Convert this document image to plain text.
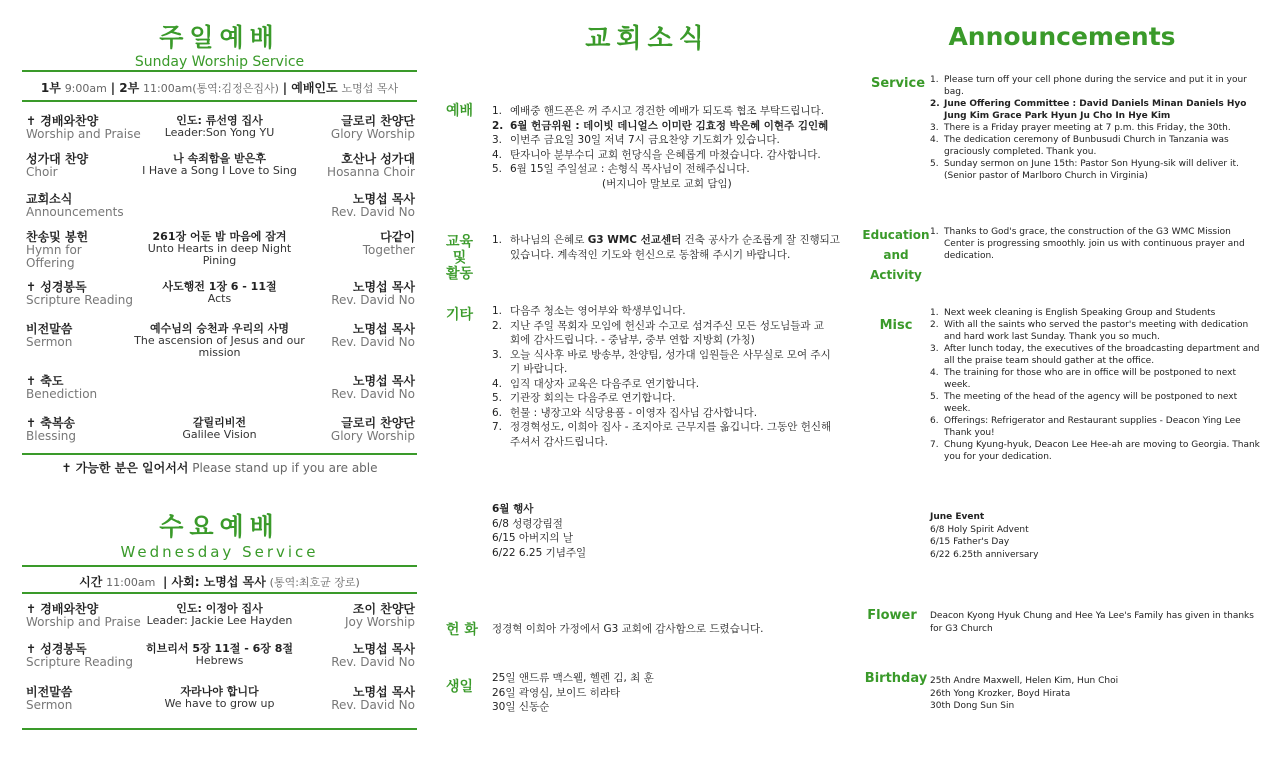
주일예배
Sunday Worship Service
1부 9:00am | 2부 11:00am(통역:김정은집사) | 예배인도 노명섭 목사
✝ 경배와찬양
Worship and Praise
인도: 류선영 집사
Leader:Son Yong YU
글로리 찬양단
Glory Worship
성가대 찬양
Choir
나 속죄함을 받은후
I Have a Song I Love to Sing
호산나 성가대
Hosanna Choir
교회소식
Announcements
노명섭 목사
Rev. David No
찬송및 봉헌
Hymn for Offering
261장 어둔 밤 마음에 잠겨
Unto Hearts in deep Night Pining
다같이
Together
✝ 성경봉독
Scripture Reading
사도행전 1장 6 - 11절
Acts
노명섭 목사
Rev. David No
비전말씀
Sermon
예수님의 승천과 우리의 사명
The ascension of Jesus and our mission
노명섭 목사
Rev. David No
✝ 축도
Benediction
노명섭 목사
Rev. David No
✝ 축복송
Blessing
갈릴리비전
Galilee Vision
글로리 찬양단
Glory Worship
✝ 가능한 분은 일어서서 Please stand up if you are able
수요예배
Wednesday Service
시간 11:00am | 사회: 노명섭 목사 (통역:최호균 장로)
✝ 경배와찬양
Worship and Praise
인도: 이정아 집사
Leader: Jackie Lee Hayden
조이 찬양단
Joy Worship
✝ 성경봉독
Scripture Reading
히브리서 5장 11절 - 6장 8절
Hebrews
노명섭 목사
Rev. David No
비전말씀
Sermon
자라나야 합니다
We have to grow up
노명섭 목사
Rev. David No
교회소식
예배 1. 예배중 핸드폰은 꺼 주시고 경건한 예배가 되도록 협조 부탁드립니다.
2. 6월 헌금위원 : 데이빗 데니얼스 이미란 김효정 박은혜 이현주 김인혜
3. 이번주 금요일 30일 저녁 7시 금요찬양 기도회가 있습니다.
4. 탄자니아 분부수디 교회 헌당식을 은혜롭게 마쳤습니다. 감사합니다.
5. 6월 15일 주일설교 : 손형식 목사님이 전해주십니다.
(버지니아 말보로 교회 담임)
교육
및
활동
1. 하나님의 은혜로 G3 WMC 선교센터 건축 공사가 순조롭게 잘 진행되고 있습니다. 계속적인 기도와 헌신으로 동참해 주시기 바랍니다.
기타 1. 다음주 청소는 영어부와 학생부입니다.
2. 지난 주일 목회자 모임에 헌신과 수고로 섬겨주신 모든 성도님들과 교회에 감사드립니다. - 중남부, 중부 연합 지방회 (가칭)
3. 오늘 식사후 바로 방송부, 찬양팀, 성가대 임원들은 사무실로 모여 주시기 바랍니다.
4. 임직 대상자 교육은 다음주로 연기합니다.
5. 기관장 회의는 다음주로 연기합니다.
6. 헌물 : 냉장고와 식당용품 - 이영자 집사님 감사합니다.
7. 정경혁성도, 이희아 집사 - 조지아로 근무지를 옮깁니다. 그동안 헌신해 주셔서 감사드립니다.
6월 행사
6/8 성령강림절
6/15 아버지의 날
6/22 6.25 기념주일
헌 화 정경혁 이희아 가정에서 G3 교회에 감사함으로 드렸습니다.
생일
25일 앤드류 맥스웰, 헬렌 김, 최 훈
26일 곽영심, 보이드 히라타
30일 신동순
Announcements
Service 1. Please turn off your cell phone during the service and put it in your bag.
2. June Offering Committee : David Daniels Minan Daniels Hyo Jung Kim Grace Park Hyun Ju Cho In Hye Kim
3. There is a Friday prayer meeting at 7 p.m. this Friday, the 30th.
4. The dedication ceremony of Bunbusudi Church in Tanzania was graciously completed. Thank you.
5. Sunday sermon on June 15th: Pastor Son Hyung-sik will deliver it. (Senior pastor of Marlboro Church in Virginia)
Education
and
Activity
1. Thanks to God's grace, the construction of the G3 WMC Mission Center is progressing smoothly. join us with continuous prayer and dedication.
Misc
1. Next week cleaning is English Speaking Group and Students
2. With all the saints who served the pastor's meeting with dedication and hard work last Sunday. Thank you so much.
3. After lunch today, the executives of the broadcasting department and all the praise team should gather at the office.
4. The training for those who are in office will be postponed to next week.
5. The meeting of the head of the agency will be postponed to next week.
6. Offerings: Refrigerator and Restaurant supplies - Deacon Ying Lee Thank you!
7. Chung Kyung-hyuk, Deacon Lee Hee-ah are moving to Georgia. Thank you for your dedication.
June Event
6/8 Holy Spirit Advent
6/15 Father's Day
6/22 6.25th anniversary
Flower	Deacon Kyong Hyuk Chung and Hee Ya Lee's Family has given in thanks for G3 Church
Birthday 25th Andre Maxwell, Helen Kim, Hun Choi
26th Yong Krozker, Boyd Hirata
30th Dong Sun Sin
